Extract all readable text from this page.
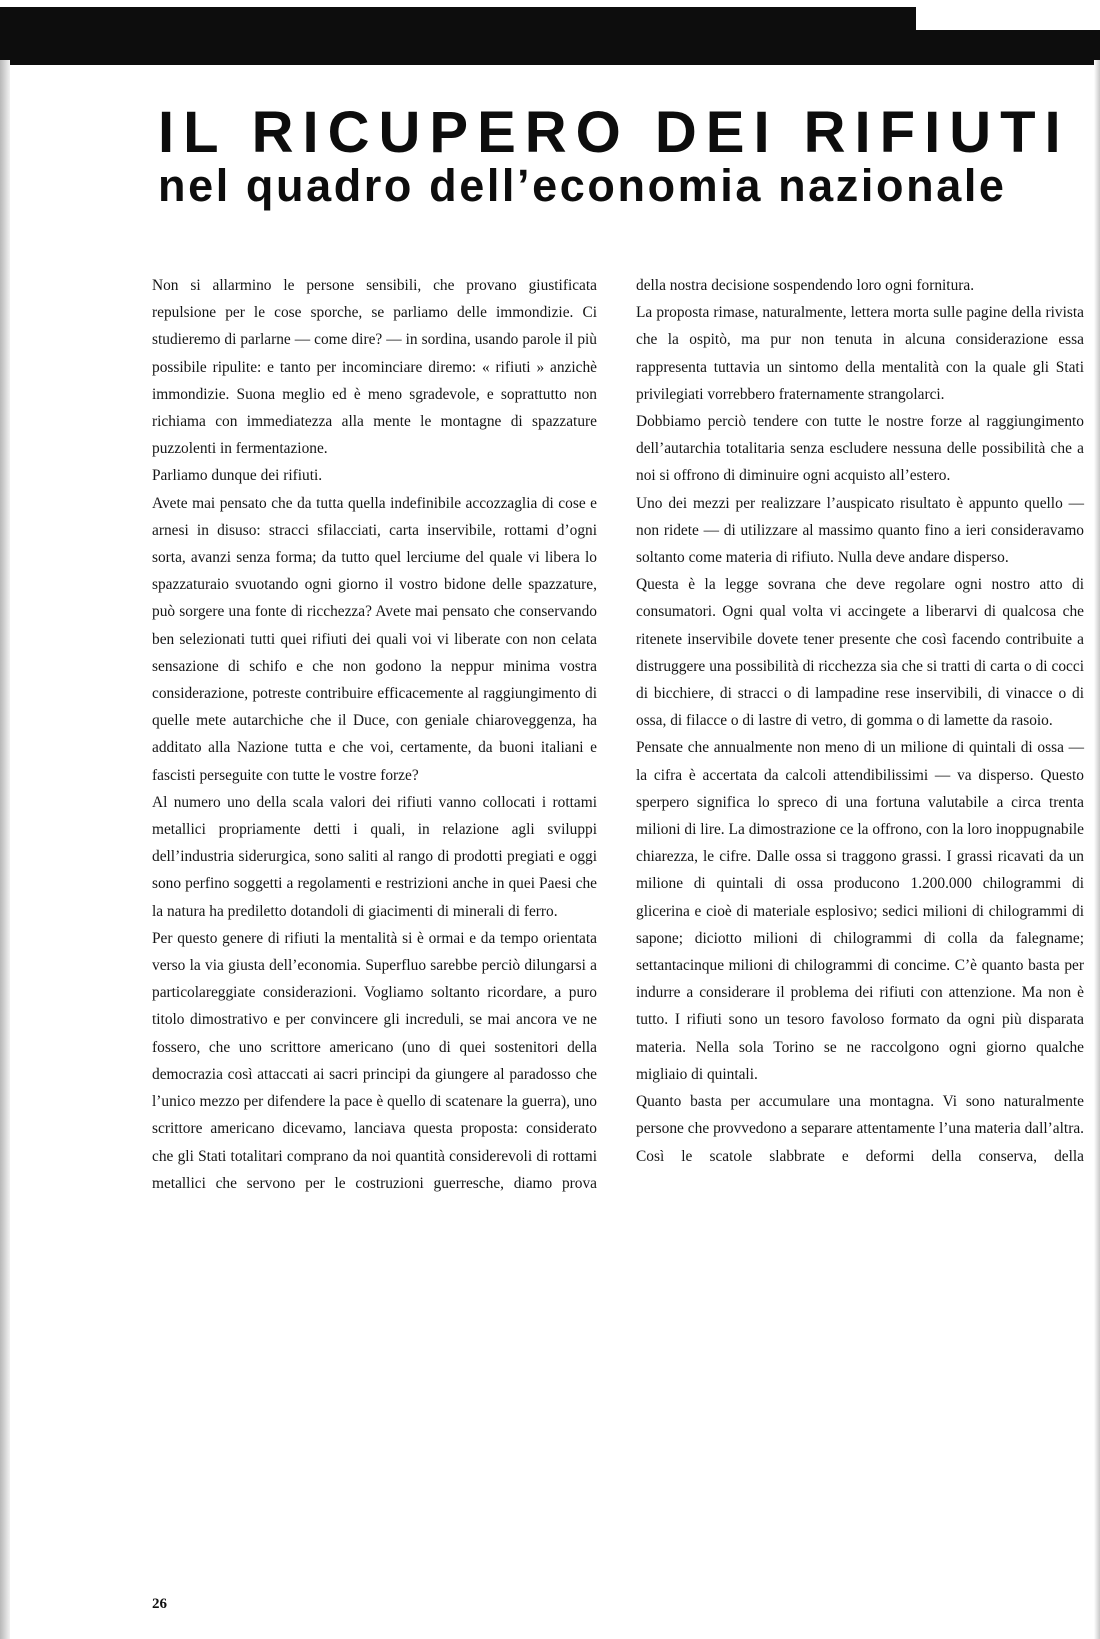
IL RICUPERO DEI RIFIUTI
nel quadro dell’economia nazionale

Non si allarmino le persone sensibili, che provano giustificata repulsione per le cose sporche, se parliamo delle immondizie. Ci studieremo di parlarne — come dire? — in sordina, usando parole il più possibile ripulite: e tanto per incominciare diremo: « rifiuti » anzichè immondizie. Suona meglio ed è meno sgradevole, e soprattutto non richiama con immediatezza alla mente le montagne di spazzature puzzolenti in fermentazione.

Parliamo dunque dei rifiuti.

Avete mai pensato che da tutta quella indefinibile accozzaglia di cose e arnesi in disuso: stracci sfilacciati, carta inservibile, rottami d’ogni sorta, avanzi senza forma; da tutto quel lerciume del quale vi libera lo spazzaturaio svuotando ogni giorno il vostro bidone delle spazzature, può sorgere una fonte di ricchezza? Avete mai pensato che conservando ben selezionati tutti quei rifiuti dei quali voi vi liberate con non celata sensazione di schifo e che non godono la neppur minima vostra considerazione, potreste contribuire efficacemente al raggiungimento di quelle mete autarchiche che il Duce, con geniale chiaroveggenza, ha additato alla Nazione tutta e che voi, certamente, da buoni italiani e fascisti perseguite con tutte le vostre forze?

Al numero uno della scala valori dei rifiuti vanno collocati i rottami metallici propriamente detti i quali, in relazione agli sviluppi dell’industria siderurgica, sono saliti al rango di prodotti pregiati e oggi sono perfino soggetti a regolamenti e restrizioni anche in quei Paesi che la natura ha prediletto dotandoli di giacimenti di minerali di ferro.

Per questo genere di rifiuti la mentalità si è ormai e da tempo orientata verso la via giusta dell’economia. Superfluo sarebbe perciò dilungarsi a particolareggiate considerazioni. Vogliamo soltanto ricordare, a puro titolo dimostrativo e per convincere gli increduli, se mai ancora ve ne fossero, che uno scrittore americano (uno di quei sostenitori della democrazia così attaccati ai sacri principi da giungere al paradosso che l’unico mezzo per difendere la pace è quello di scatenare la guerra), uno scrittore americano dicevamo, lanciava questa proposta: considerato che gli Stati totalitari comprano da noi quantità considerevoli di rottami metallici che servono per le costruzioni guerresche, diamo prova

della nostra decisione sospendendo loro ogni fornitura.

La proposta rimase, naturalmente, lettera morta sulle pagine della rivista che la ospitò, ma pur non tenuta in alcuna considerazione essa rappresenta tuttavia un sintomo della mentalità con la quale gli Stati privilegiati vorrebbero fraternamente strangolarci.

Dobbiamo perciò tendere con tutte le nostre forze al raggiungimento dell’autarchia totalitaria senza escludere nessuna delle possibilità che a noi si offrono di diminuire ogni acquisto all’estero.

Uno dei mezzi per realizzare l’auspicato risultato è appunto quello — non ridete — di utilizzare al massimo quanto fino a ieri consideravamo soltanto come materia di rifiuto. Nulla deve andare disperso.

Questa è la legge sovrana che deve regolare ogni nostro atto di consumatori. Ogni qual volta vi accingete a liberarvi di qualcosa che ritenete inservibile dovete tener presente che così facendo contribuite a distruggere una possibilità di ricchezza sia che si tratti di carta o di cocci di bicchiere, di stracci o di lampadine rese inservibili, di vinacce o di ossa, di filacce o di lastre di vetro, di gomma o di lamette da rasoio.

Pensate che annualmente non meno di un milione di quintali di ossa — la cifra è accertata da calcoli attendibilissimi — va disperso. Questo sperpero significa lo spreco di una fortuna valutabile a circa trenta milioni di lire. La dimostrazione ce la offrono, con la loro inoppugnabile chiarezza, le cifre. Dalle ossa si traggono grassi. I grassi ricavati da un milione di quintali di ossa producono 1.200.000 chilogrammi di glicerina e cioè di materiale esplosivo; sedici milioni di chilogrammi di sapone; diciotto milioni di chilogrammi di colla da falegname; settantacinque milioni di chilogrammi di concime. C’è quanto basta per indurre a considerare il problema dei rifiuti con attenzione. Ma non è tutto. I rifiuti sono un tesoro favoloso formato da ogni più disparata materia. Nella sola Torino se ne raccolgono ogni giorno qualche migliaio di quintali.

Quanto basta per accumulare una montagna. Vi sono naturalmente persone che provvedono a separare attentamente l’una materia dall’altra. Così le scatole slabbrate e deformi della conserva, della

26
